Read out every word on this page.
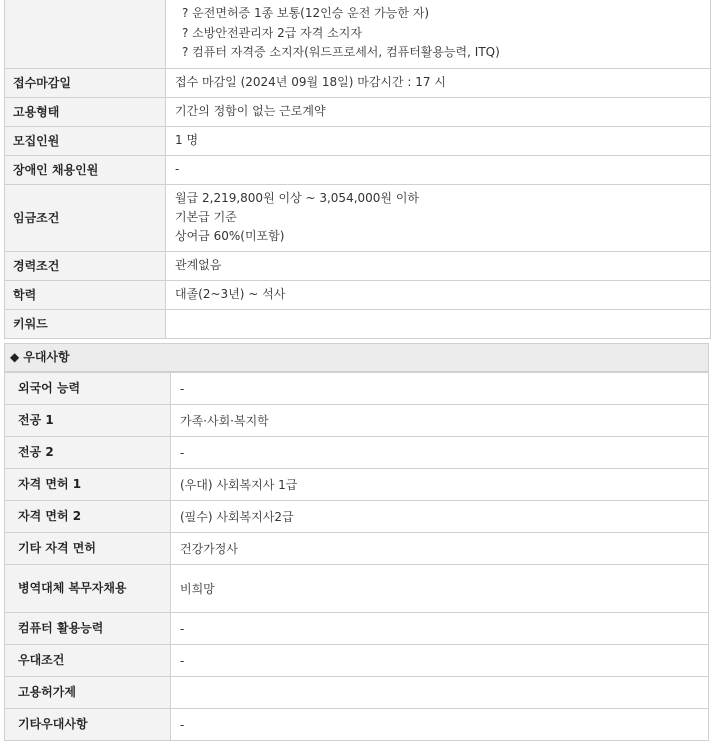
	? 운전면허증 1종 보통(12인승 운전 가능한 자)
? 소방안전관리자 2급 자격 소지자
? 컴퓨터 자격증 소지자(워드프로세서, 컴퓨터활용능력, ITQ)

접수마감일	접수 마감일 (2024년 09월 18일) 마감시간 : 17 시
고용형태	기간의 정함이 없는 근로계약
모집인원	1 명
장애인 채용인원	-
임금조건	월급 2,219,800원 이상 ~ 3,054,000원 이하
기본급 기준
상여금 60%(미포함)

경력조건	관계없음
학력	대졸(2~3년) ~ 석사
키워드	
◆ 우대사항
외국어 능력	-
전공 1	가족·사회·복지학
전공 2	-
자격 면허 1	(우대) 사회복지사 1급
자격 면허 2	(필수) 사회복지사2급
기타 자격 면허	건강가정사
병역대체 복무자채용	비희망
컴퓨터 활용능력	-
우대조건	-
고용허가제	
기타우대사항	-
